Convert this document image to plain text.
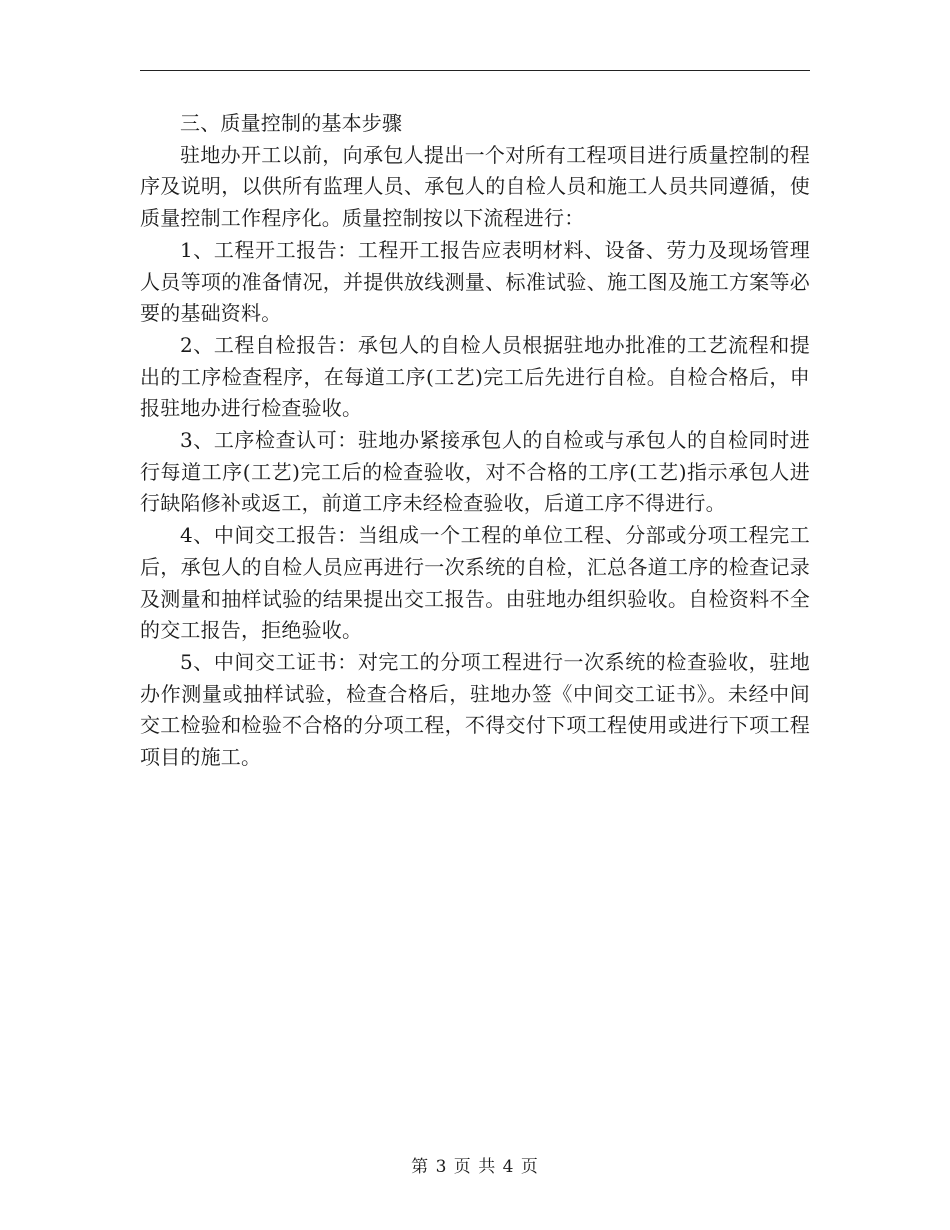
三、质量控制的基本步骤

驻地办开工以前，向承包人提出一个对所有工程项目进行质量控制的程序及说明，以供所有监理人员、承包人的自检人员和施工人员共同遵循，使质量控制工作程序化。质量控制按以下流程进行：

1、工程开工报告：工程开工报告应表明材料、设备、劳力及现场管理人员等项的准备情况，并提供放线测量、标准试验、施工图及施工方案等必要的基础资料。

2、工程自检报告：承包人的自检人员根据驻地办批准的工艺流程和提出的工序检查程序，在每道工序(工艺)完工后先进行自检。自检合格后，申报驻地办进行检查验收。

3、工序检查认可：驻地办紧接承包人的自检或与承包人的自检同时进行每道工序(工艺)完工后的检查验收，对不合格的工序(工艺)指示承包人进行缺陷修补或返工，前道工序未经检查验收，后道工序不得进行。

4、中间交工报告：当组成一个工程的单位工程、分部或分项工程完工后，承包人的自检人员应再进行一次系统的自检，汇总各道工序的检查记录及测量和抽样试验的结果提出交工报告。由驻地办组织验收。自检资料不全的交工报告，拒绝验收。

5、中间交工证书：对完工的分项工程进行一次系统的检查验收，驻地办作测量或抽样试验，检查合格后，驻地办签《中间交工证书》。未经中间交工检验和检验不合格的分项工程，不得交付下项工程使用或进行下项工程项目的施工。

第 3 页 共 4 页
